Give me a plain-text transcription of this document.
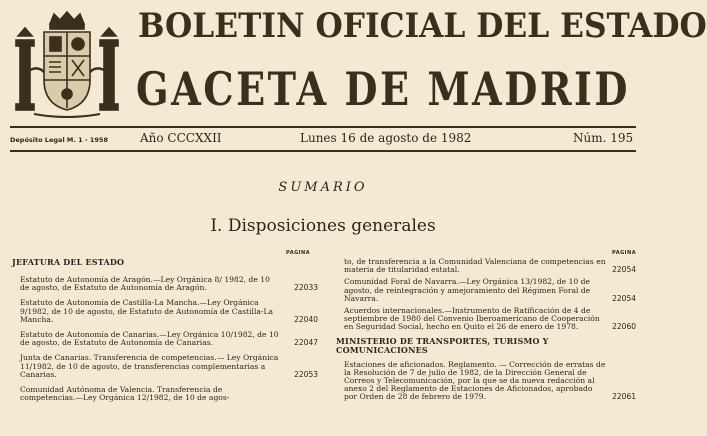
BOLETIN OFICIAL DEL ESTADO
GACETA DE MADRID
Depósito Legal M. 1 - 1958	Año CCCXXII	Lunes 16 de agosto de 1982	Núm. 195
SUMARIO
I. Disposiciones generales
PAGINA
JEFATURA DEL ESTADO
Estatuto de Autonomía de Aragón.—Ley Orgánica 8/ 1982, de 10 de agosto, de Estatuto de Autonomía de Aragón.	22033
Estatuto de Autonomía de Castilla-La Mancha.—Ley Orgánica 9/1982, de 10 de agosto, de Estatuto de Autonomía de Castilla-La Mancha.	22040
Estatuto de Autonomía de Canarias.—Ley Orgánica 10/1982, de 10 de agosto, de Estatuto de Autonomía de Canarias.	22047
Junta de Canarias. Transferencia de competencias.— Ley Orgánica 11/1982, de 10 de agosto, de transferencias complementarias a Canarias.	22053
Comunidad Autónoma de Valencia. Transferencia de competencias.—Ley Orgánica 12/1982, de 10 de agos-
PAGINA
to, de transferencia a la Comunidad Valenciana de competencias en materia de titularidad estatal.	22054
Comunidad Foral de Navarra.—Ley Orgánica 13/1982, de 10 de agosto, de reintegración y amejoramiento del Régimen Foral de Navarra.	22054
Acuerdos internacionales.—Instrumento de Ratificación de 4 de septiembre de 1980 del Convenio Iberoamericano de Cooperación en Seguridad Social, hecho en Quito el 26 de enero de 1978.	22060
MINISTERIO DE TRANSPORTES, TURISMO Y COMUNICACIONES
Estaciones de aficionados. Reglamento. — Corrección de erratas de la Resolución de 7 de julio de 1982, de la Dirección General de Correos y Telecomunicación, por la que se da nueva redacción al anexo 2 del Reglamento de Estaciones de Aficionados, aprobado por Orden de 28 de febrero de 1979.	22061
